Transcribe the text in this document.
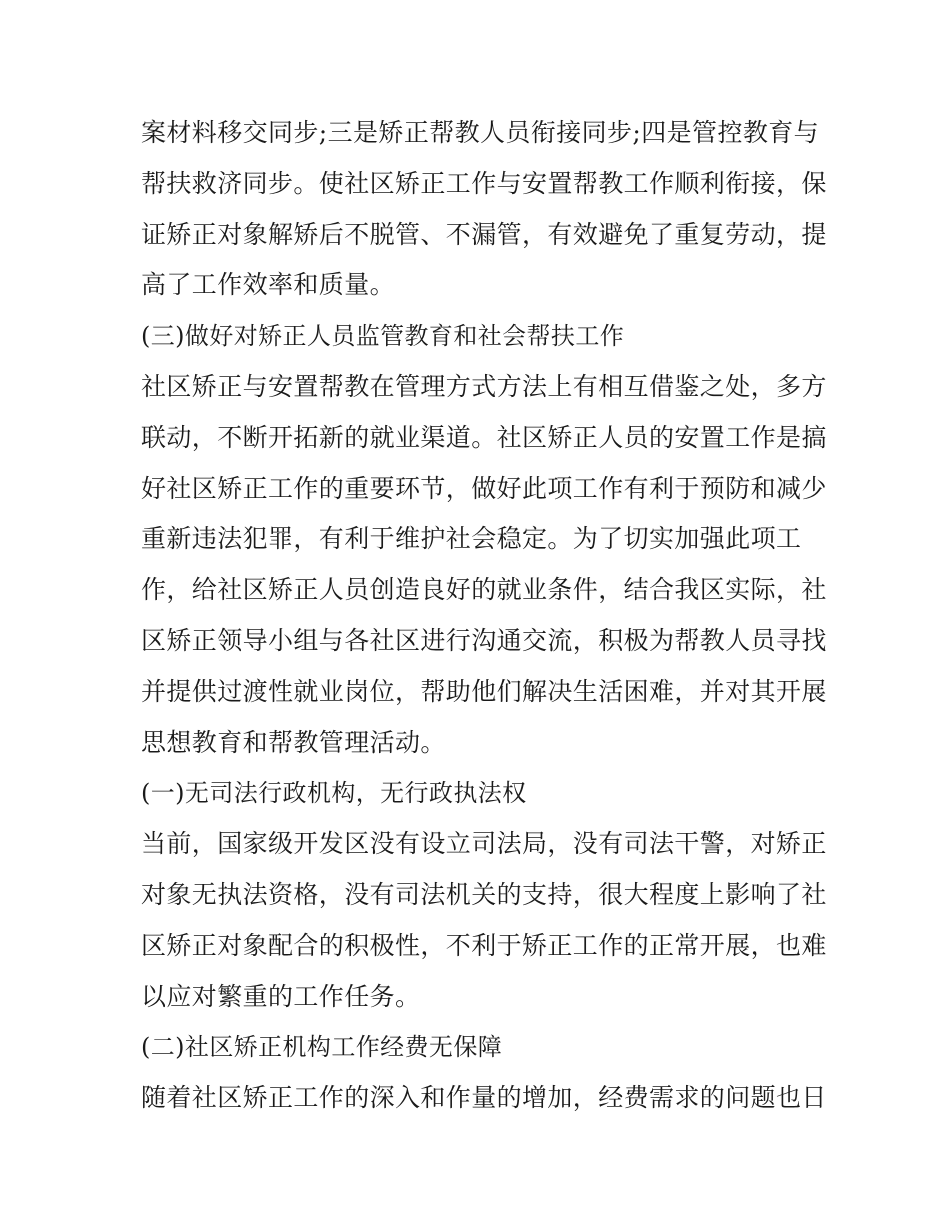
案材料移交同步;三是矫正帮教人员衔接同步;四是管控教育与
帮扶救济同步。使社区矫正工作与安置帮教工作顺利衔接，保
证矫正对象解矫后不脱管、不漏管，有效避免了重复劳动，提
高了工作效率和质量。
(三)做好对矫正人员监管教育和社会帮扶工作
社区矫正与安置帮教在管理方式方法上有相互借鉴之处，多方
联动，不断开拓新的就业渠道。社区矫正人员的安置工作是搞
好社区矫正工作的重要环节，做好此项工作有利于预防和减少
重新违法犯罪，有利于维护社会稳定。为了切实加强此项工
作，给社区矫正人员创造良好的就业条件，结合我区实际，社
区矫正领导小组与各社区进行沟通交流，积极为帮教人员寻找
并提供过渡性就业岗位，帮助他们解决生活困难，并对其开展
思想教育和帮教管理活动。
(一)无司法行政机构，无行政执法权
当前，国家级开发区没有设立司法局，没有司法干警，对矫正
对象无执法资格，没有司法机关的支持，很大程度上影响了社
区矫正对象配合的积极性，不利于矫正工作的正常开展，也难
以应对繁重的工作任务。
(二)社区矫正机构工作经费无保障
随着社区矫正工作的深入和作量的增加，经费需求的问题也日
